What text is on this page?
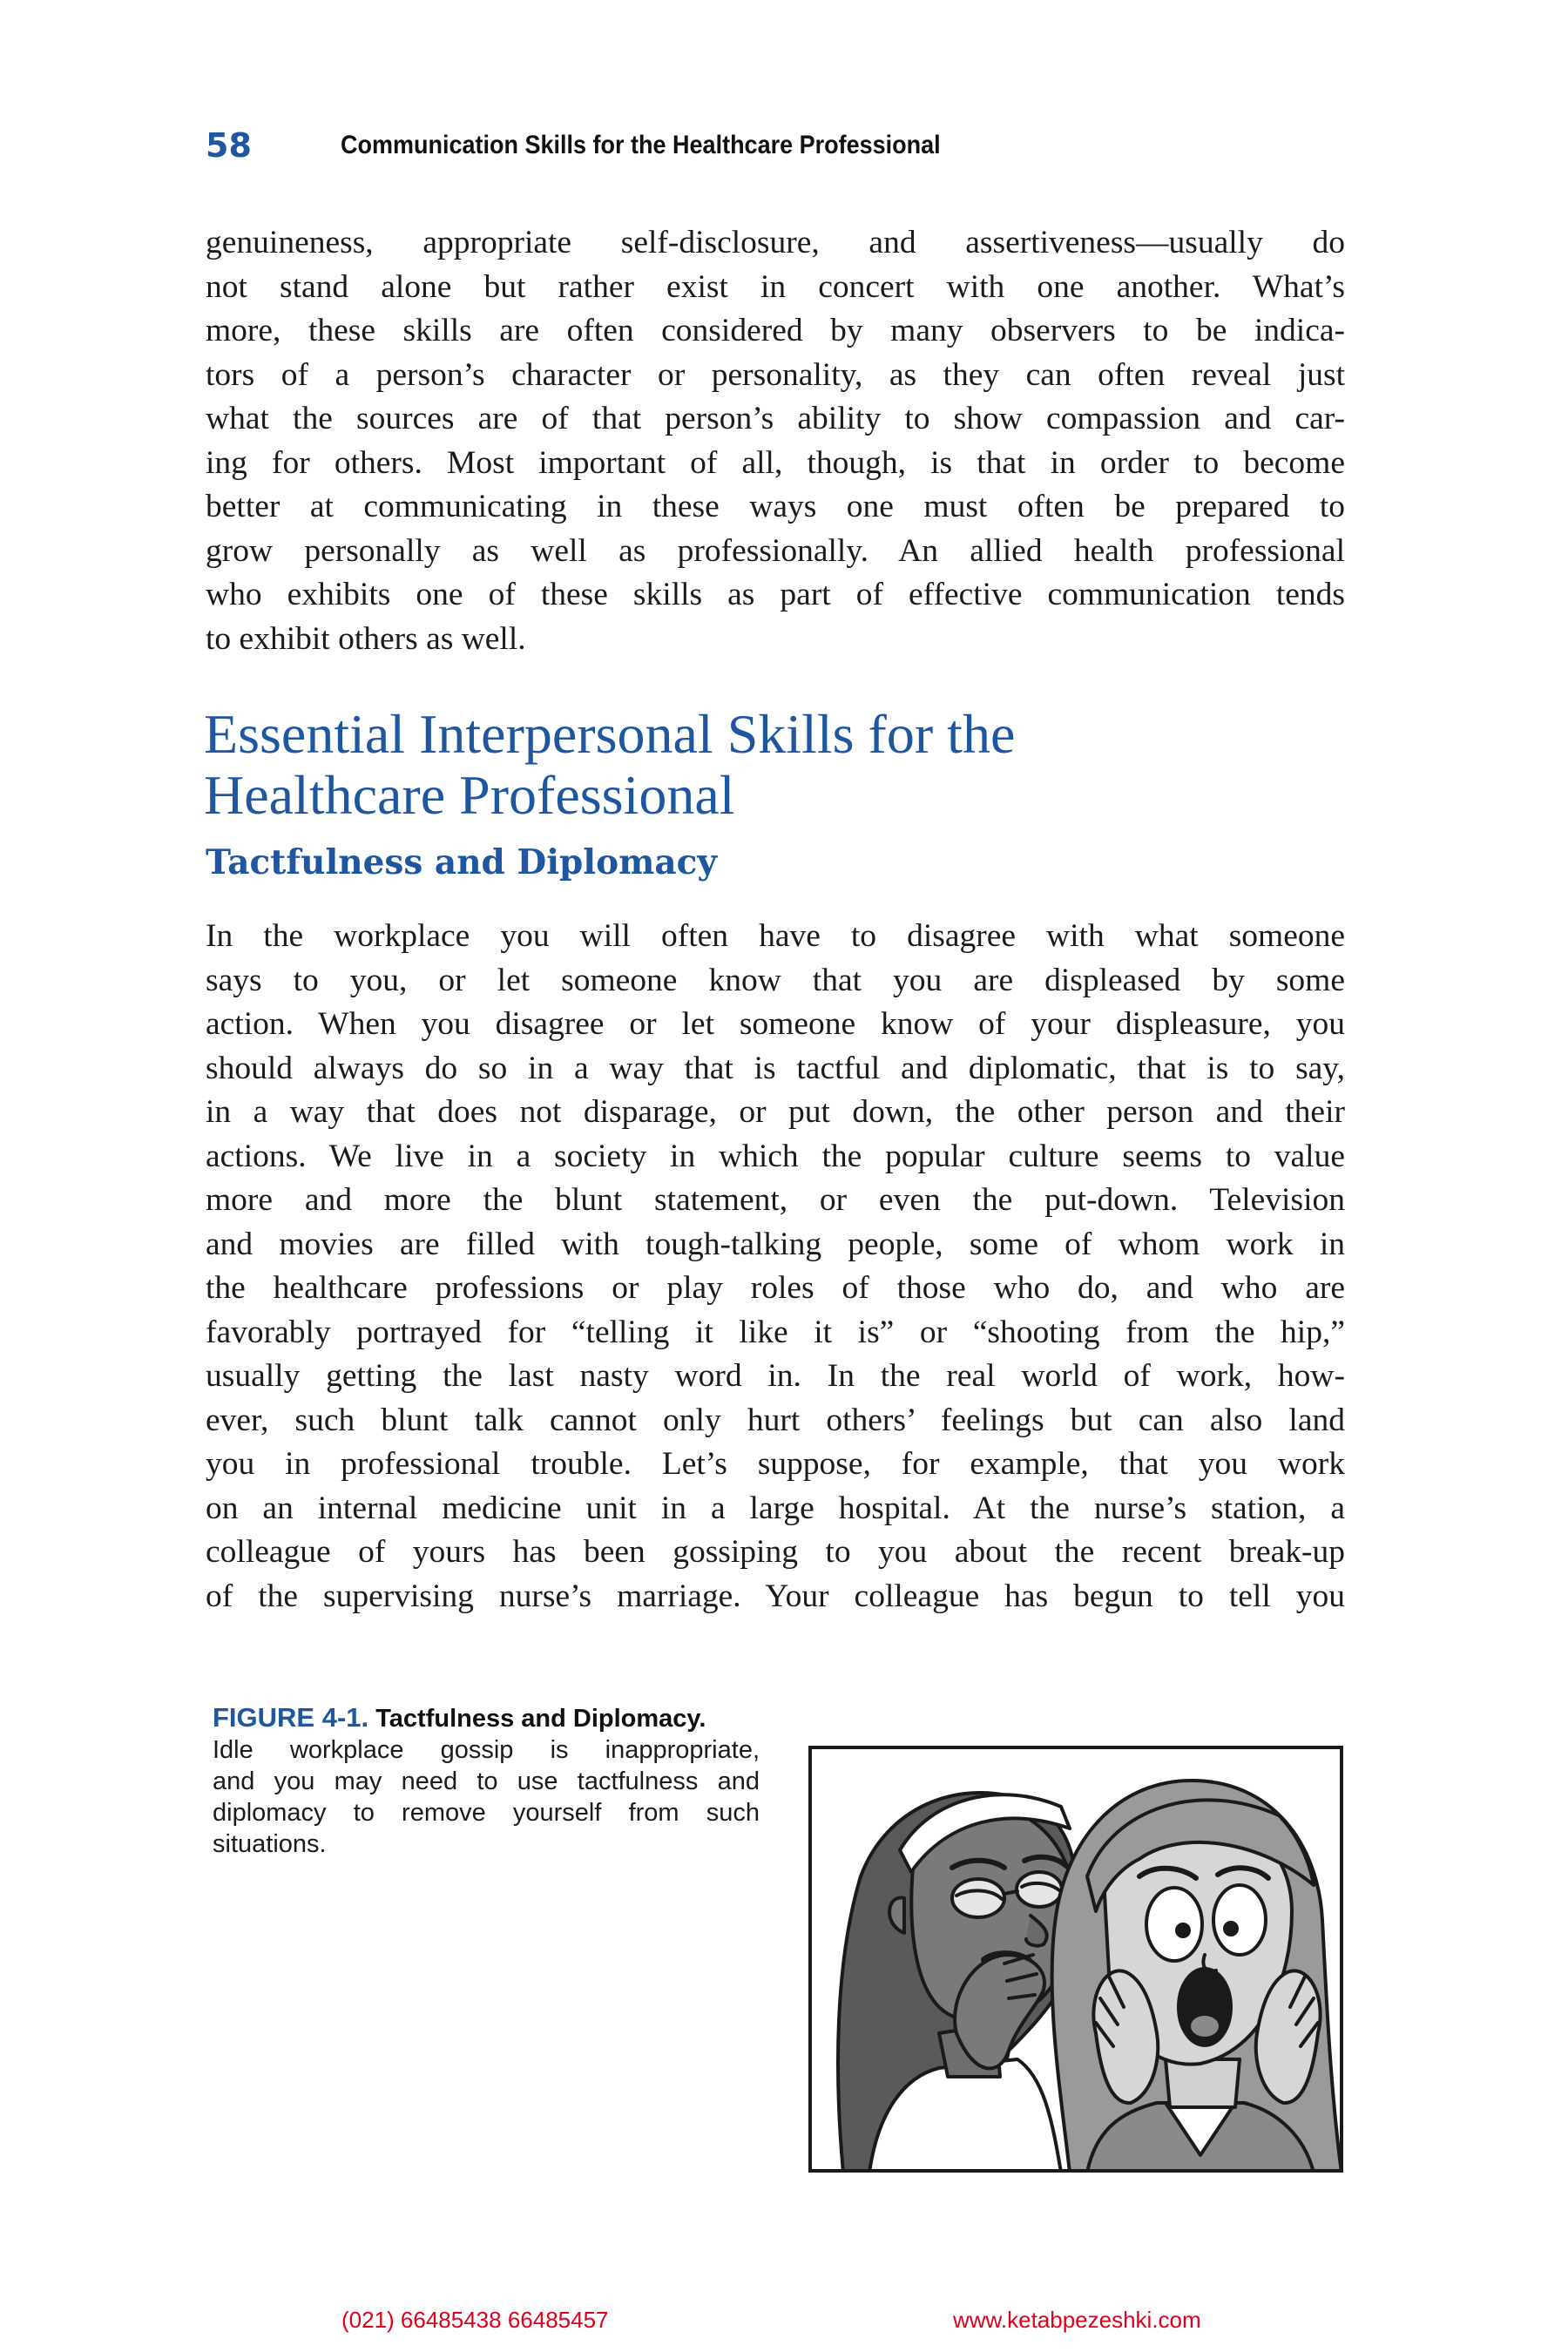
58	Communication Skills for the Healthcare Professional
genuineness, appropriate self-disclosure, and assertiveness—usually do
not stand alone but rather exist in concert with one another. What’s
more, these skills are often considered by many observers to be indica-
tors of a person’s character or personality, as they can often reveal just
what the sources are of that person’s ability to show compassion and car-
ing for others. Most important of all, though, is that in order to become
better at communicating in these ways one must often be prepared to
grow personally as well as professionally. An allied health professional
who exhibits one of these skills as part of effective communication tends
to exhibit others as well.
Essential Interpersonal Skills for the
Healthcare Professional
Tactfulness and Diplomacy
In the workplace you will often have to disagree with what someone
says to you, or let someone know that you are displeased by some
action. When you disagree or let someone know of your displeasure, you
should always do so in a way that is tactful and diplomatic, that is to say,
in a way that does not disparage, or put down, the other person and their
actions. We live in a society in which the popular culture seems to value
more and more the blunt statement, or even the put-down. Television
and movies are filled with tough-talking people, some of whom work in
the healthcare professions or play roles of those who do, and who are
favorably portrayed for “telling it like it is” or “shooting from the hip,”
usually getting the last nasty word in. In the real world of work, how-
ever, such blunt talk cannot only hurt others’ feelings but can also land
you in professional trouble. Let’s suppose, for example, that you work
on an internal medicine unit in a large hospital. At the nurse’s station, a
colleague of yours has been gossiping to you about the recent break-up
of the supervising nurse’s marriage. Your colleague has begun to tell you
FIGURE 4-1. Tactfulness and Diplomacy.
Idle workplace gossip is inappropriate,
and you may need to use tactfulness and
diplomacy to remove yourself from such
situations.
(021) 66485438 66485457	www.ketabpezeshki.com
